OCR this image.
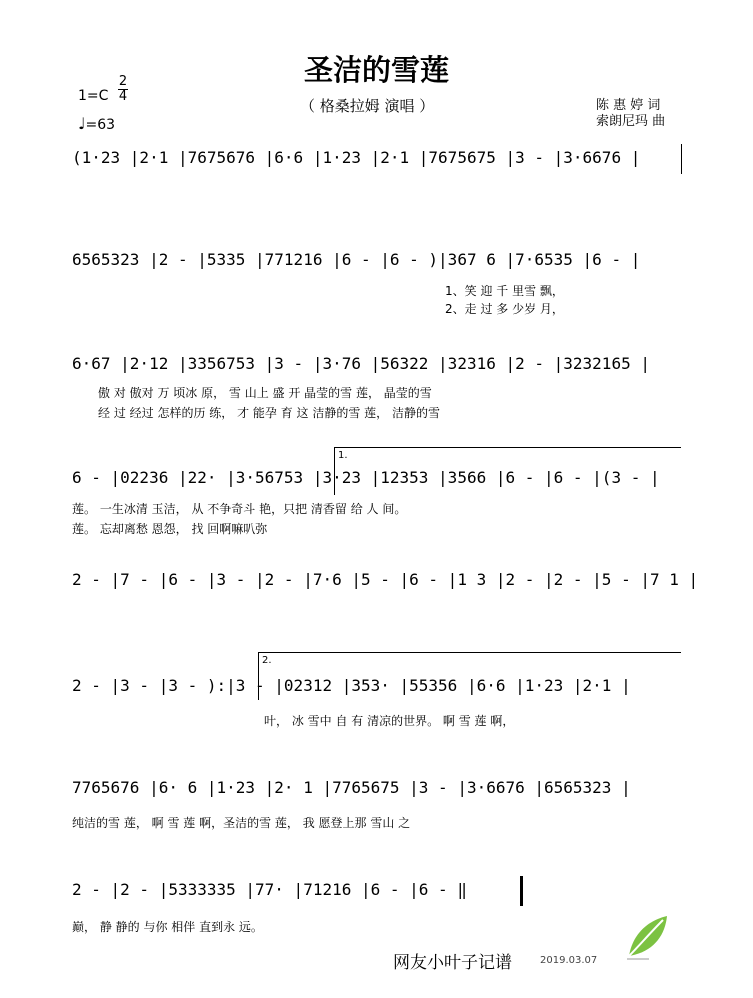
圣洁的雪莲
（ 格桑拉姆 演唱 ）
$1=C \frac{2}{4}$
♩=63
陈 惠 婷 词
索朗尼玛 曲
(1·23 |2·1 |7675676 |6·6 |1·23 |2·1 |7675675 |3 - |3·6676 |
6565323 |2 - |5335 |771216 |6 - |6 - )|367 6 |7·6535 |6 - |
1、笑 迎 千 里雪 飘，
2、走 过 多 少岁 月，
6·67 |2·12 |3356753 |3 - |3·76 |56322 |32316 |2 - |3232165 |
傲 对 傲对 万 顷冰 原， 雪 山上 盛 开 晶莹的雪 莲， 晶莹的雪
经 过 经过 怎样的历 练， 才 能孕 育 这 洁静的雪 莲， 洁静的雪
1.
6 - |02236 |22· |3·56753 |3·23 |12353 |3566 |6 - |6 - |(3 - |
莲。 一生冰清 玉洁， 从 不争奇斗 艳，只把 清香留 给 人 间。
莲。 忘却离愁 恩怨， 找 回啊嘛叭弥
2 - |7 - |6 - |3 - |2 - |7·6 |5 - |6 - |1 3 |2 - |2 - |5 - |7 1 |
2.
2 - |3 - |3 - ):|3 - |02312 |353· |55356 |6·6 |1·23 |2·1 |
叶， 冰 雪中 自 有 清凉的世界。 啊 雪 莲 啊，
7765676 |6· 6 |1·23 |2· 1 |7765675 |3 - |3·6676 |6565323 |
纯洁的雪 莲， 啊 雪 莲 啊，圣洁的雪 莲， 我 愿登上那 雪山 之
2 - |2 - |5333335 |77· |71216 |6 - |6 - ‖
巅， 静 静的 与你 相伴 直到永 远。
网友小叶子记谱	2019.03.07
